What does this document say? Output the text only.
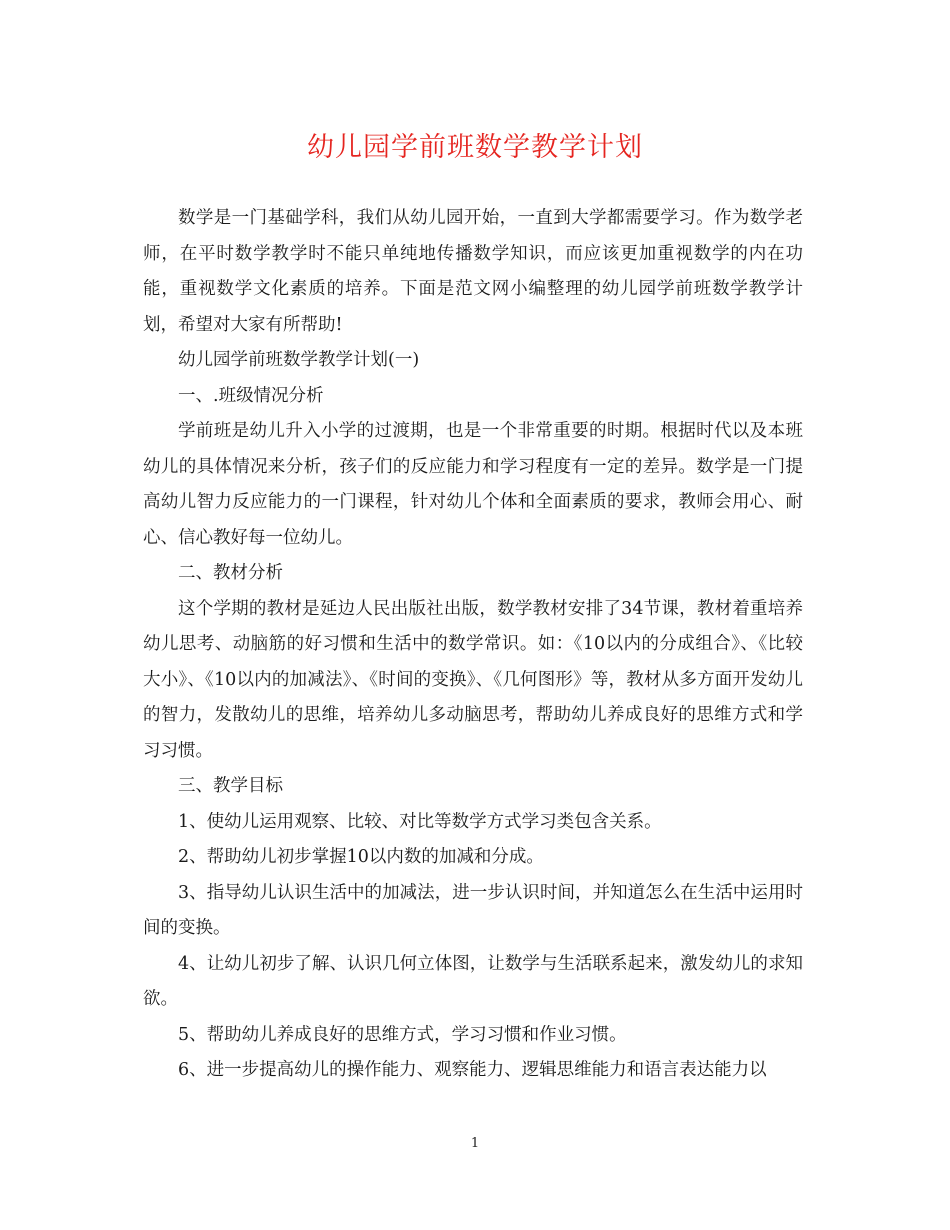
幼儿园学前班数学教学计划

数学是一门基础学科，我们从幼儿园开始，一直到大学都需要学习。作为数学老师，在平时数学教学时不能只单纯地传播数学知识，而应该更加重视数学的内在功能，重视数学文化素质的培养。下面是范文网小编整理的幼儿园学前班数学教学计划，希望对大家有所帮助!

幼儿园学前班数学教学计划(一)

一、.班级情况分析

学前班是幼儿升入小学的过渡期，也是一个非常重要的时期。根据时代以及本班幼儿的具体情况来分析，孩子们的反应能力和学习程度有一定的差异。数学是一门提高幼儿智力反应能力的一门课程，针对幼儿个体和全面素质的要求，教师会用心、耐心、信心教好每一位幼儿。

二、教材分析

这个学期的教材是延边人民出版社出版，数学教材安排了34节课，教材着重培养幼儿思考、动脑筋的好习惯和生活中的数学常识。如：《10以内的分成组合》、《比较大小》、《10以内的加减法》、《时间的变换》、《几何图形》等，教材从多方面开发幼儿的智力，发散幼儿的思维，培养幼儿多动脑思考，帮助幼儿养成良好的思维方式和学习习惯。

三、教学目标

1、使幼儿运用观察、比较、对比等数学方式学习类包含关系。

2、帮助幼儿初步掌握10以内数的加减和分成。

3、指导幼儿认识生活中的加减法，进一步认识时间，并知道怎么在生活中运用时间的变换。

4、让幼儿初步了解、认识几何立体图，让数学与生活联系起来，激发幼儿的求知欲。

5、帮助幼儿养成良好的思维方式，学习习惯和作业习惯。

6、进一步提高幼儿的操作能力、观察能力、逻辑思维能力和语言表达能力以

1
